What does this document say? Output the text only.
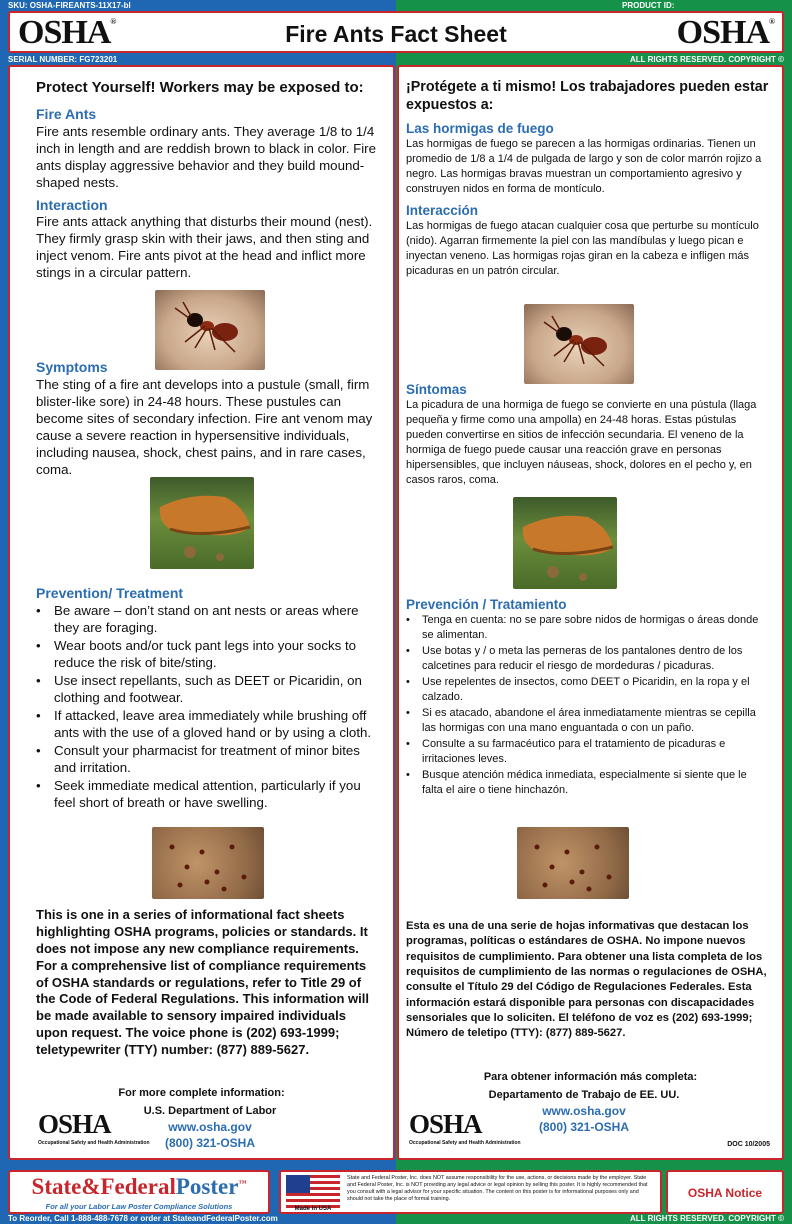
SKU: OSHA-FIREANTS-11X17-bl	PRODUCT ID:
OSHA®	Fire Ants Fact Sheet	OSHA®
SERIAL NUMBER: FG723201	ALL RIGHTS RESERVED. COPYRIGHT ©
Protect Yourself! Workers may be exposed to:
Fire Ants

Fire ants resemble ordinary ants. They average 1/8 to 1/4 inch in length and are reddish brown to black in color. Fire ants display aggressive behavior and they build mound-shaped nests.

Interaction

Fire ants attack anything that disturbs their mound (nest). They firmly grasp skin with their jaws, and then sting and inject venom. Fire ants pivot at the head and inflict more stings in a circular pattern.

Symptoms

The sting of a fire ant develops into a pustule (small, firm blister-like sore) in 24-48 hours. These pustules can become sites of secondary infection. Fire ant venom may cause a severe reaction in hypersensitive individuals, including nausea, shock, chest pains, and in rare cases, coma.

Prevention/ Treatment
• Be aware – don’t stand on ant nests or areas where they are foraging.
• Wear boots and/or tuck pant legs into your socks to reduce the risk of bite/sting.
• Use insect repellants, such as DEET or Picaridin, on clothing and footwear.
• If attacked, leave area immediately while brushing off ants with the use of a gloved hand or by using a cloth.
• Consult your pharmacist for treatment of minor bites and irritation.
• Seek immediate medical attention, particularly if you feel short of breath or have swelling.

This is one in a series of informational fact sheets highlighting OSHA programs, policies or standards. It does not impose any new compliance requirements. For a comprehensive list of compliance requirements of OSHA standards or regulations, refer to Title 29 of the Code of Federal Regulations. This information will be made available to sensory impaired individuals upon request. The voice phone is (202) 693-1999; teletypewriter (TTY) number: (877) 889-5627.

For more complete information:
OSHA
Occupational Safety and Health Administration
U.S. Department of Labor
www.osha.gov
(800) 321-OSHA
¡Protégete a ti mismo! Los trabajadores pueden estar expuestos a:
Las hormigas de fuego

Las hormigas de fuego se parecen a las hormigas ordinarias. Tienen un promedio de 1/8 a 1/4 de pulgada de largo y son de color marrón rojizo a negro. Las hormigas bravas muestran un comportamiento agresivo y construyen nidos en forma de montículo.

Interacción

Las hormigas de fuego atacan cualquier cosa que perturbe su montículo (nido). Agarran firmemente la piel con las mandíbulas y luego pican e inyectan veneno. Las hormigas rojas giran en la cabeza e infligen más picaduras en un patrón circular.

Síntomas

La picadura de una hormiga de fuego se convierte en una pústula (llaga pequeña y firme como una ampolla) en 24-48 horas. Estas pústulas pueden convertirse en sitios de infección secundaria. El veneno de la hormiga de fuego puede causar una reacción grave en personas hipersensibles, que incluyen náuseas, shock, dolores en el pecho y, en casos raros, coma.

Prevención / Tratamiento
• Tenga en cuenta: no se pare sobre nidos de hormigas o áreas donde se alimentan.
• Use botas y / o meta las perneras de los pantalones dentro de los calcetines para reducir el riesgo de mordeduras / picaduras.
• Use repelentes de insectos, como DEET o Picaridin, en la ropa y el calzado.
• Si es atacado, abandone el área inmediatamente mientras se cepilla las hormigas con una mano enguantada o con un paño.
• Consulte a su farmacéutico para el tratamiento de picaduras e irritaciones leves.
• Busque atención médica inmediata, especialmente si siente que le falta el aire o tiene hinchazón.

Esta es una de una serie de hojas informativas que destacan los programas, políticas o estándares de OSHA. No impone nuevos requisitos de cumplimiento. Para obtener una lista completa de los requisitos de cumplimiento de las normas o regulaciones de OSHA, consulte el Título 29 del Código de Regulaciones Federales. Esta información estará disponible para personas con discapacidades sensoriales que lo soliciten. El teléfono de voz es (202) 693-1999; Número de teletipo (TTY): (877) 889-5627.

Para obtener información más completa:
OSHA
Occupational Safety and Health Administration
Departamento de Trabajo de EE. UU.
www.osha.gov
(800) 321-OSHA
DOC 10/2005
State&FederalPoster™
For all your Labor Law Poster Compliance Solutions	Made in USA
State and Federal Poster, Inc. does NOT assume responsibility for the use, actions, or decisions made by the employer. State and Federal Poster, Inc. is NOT providing any legal advice or legal opinion by selling this poster. It is highly recommended that you consult with a legal advisor for your specific situation. The content on this poster is for informational purposes only and should not take the place of formal training.	OSHA Notice
To Reorder, Call 1-888-488-7678 or order at StateandFederalPoster.com	ALL RIGHTS RESERVED. COPYRIGHT ©
